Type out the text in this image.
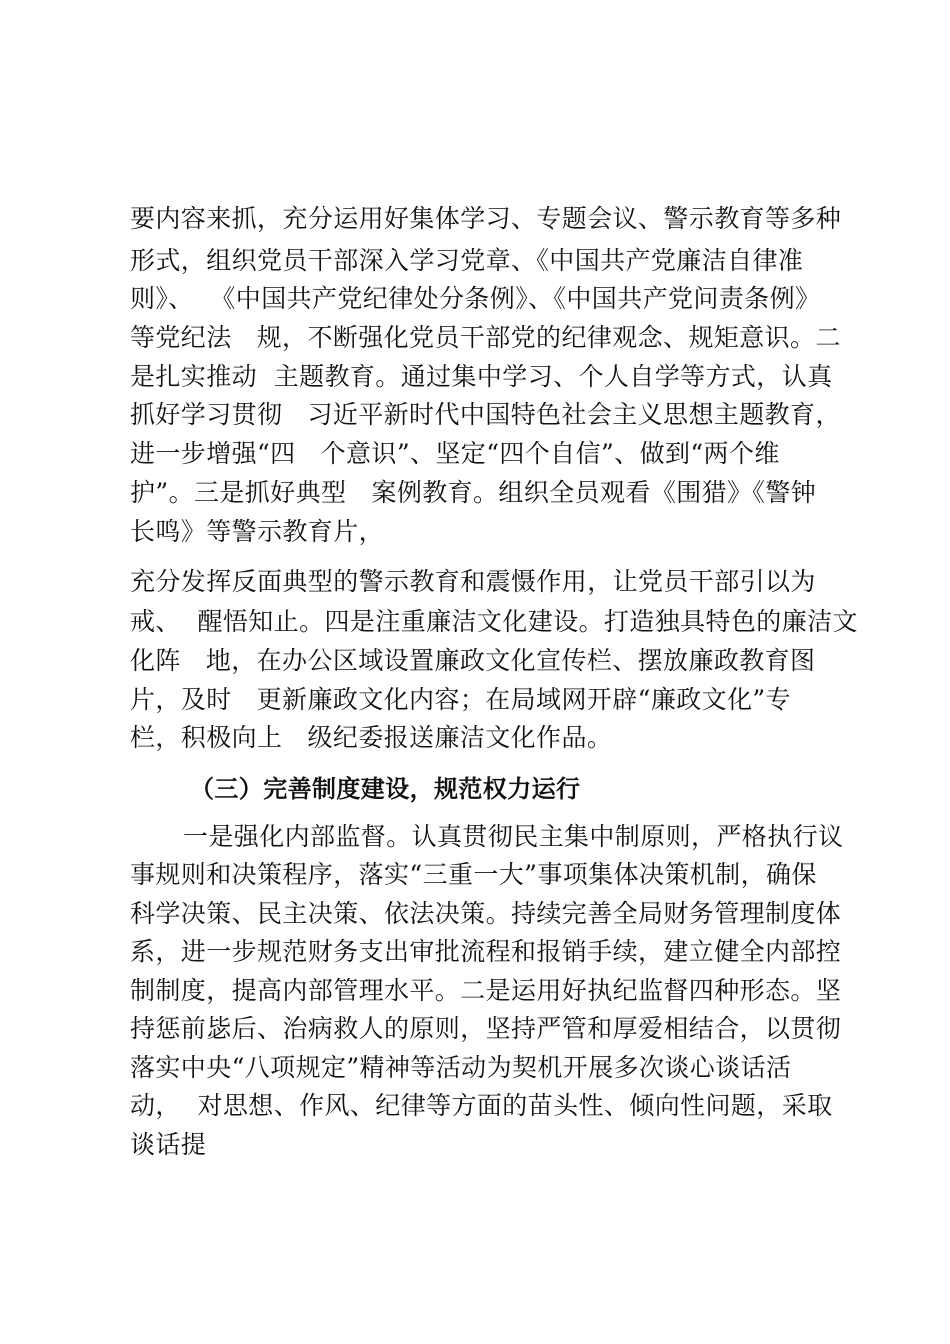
要内容来抓，充分运用好集体学习、专题会议、警示教育等多种
形式，组织党员干部深入学习党章、《中国共产党廉洁自律准
则》、  《中国共产党纪律处分条例》、《中国共产党问责条例》
等党纪法   规，不断强化党员干部党的纪律观念、规矩意识。二
是扎实推动  主题教育。通过集中学习、个人自学等方式，认真
抓好学习贯彻   习近平新时代中国特色社会主义思想主题教育，
进一步增强“四   个意识”、坚定“四个自信”、做到“两个维
护”。三是抓好典型   案例教育。组织全员观看《围猎》《警钟
长鸣》等警示教育片，
充分发挥反面典型的警示教育和震慑作用，让党员干部引以为
戒、  醒悟知止。四是注重廉洁文化建设。打造独具特色的廉洁文
化阵   地，在办公区域设置廉政文化宣传栏、摆放廉政教育图
片，及时   更新廉政文化内容；在局域网开辟“廉政文化”专
栏，积极向上   级纪委报送廉洁文化作品。
（三）完善制度建设，规范权力运行
一是强化内部监督。认真贯彻民主集中制原则，严格执行议
事规则和决策程序，落实“三重一大”事项集体决策机制，确保
科学决策、民主决策、依法决策。持续完善全局财务管理制度体
系，进一步规范财务支出审批流程和报销手续，建立健全内部控
制制度，提高内部管理水平。二是运用好执纪监督四种形态。坚
持惩前毖后、治病救人的原则，坚持严管和厚爱相结合，以贯彻
落实中央“八项规定”精神等活动为契机开展多次谈心谈话活
动，  对思想、作风、纪律等方面的苗头性、倾向性问题，采取
谈话提
